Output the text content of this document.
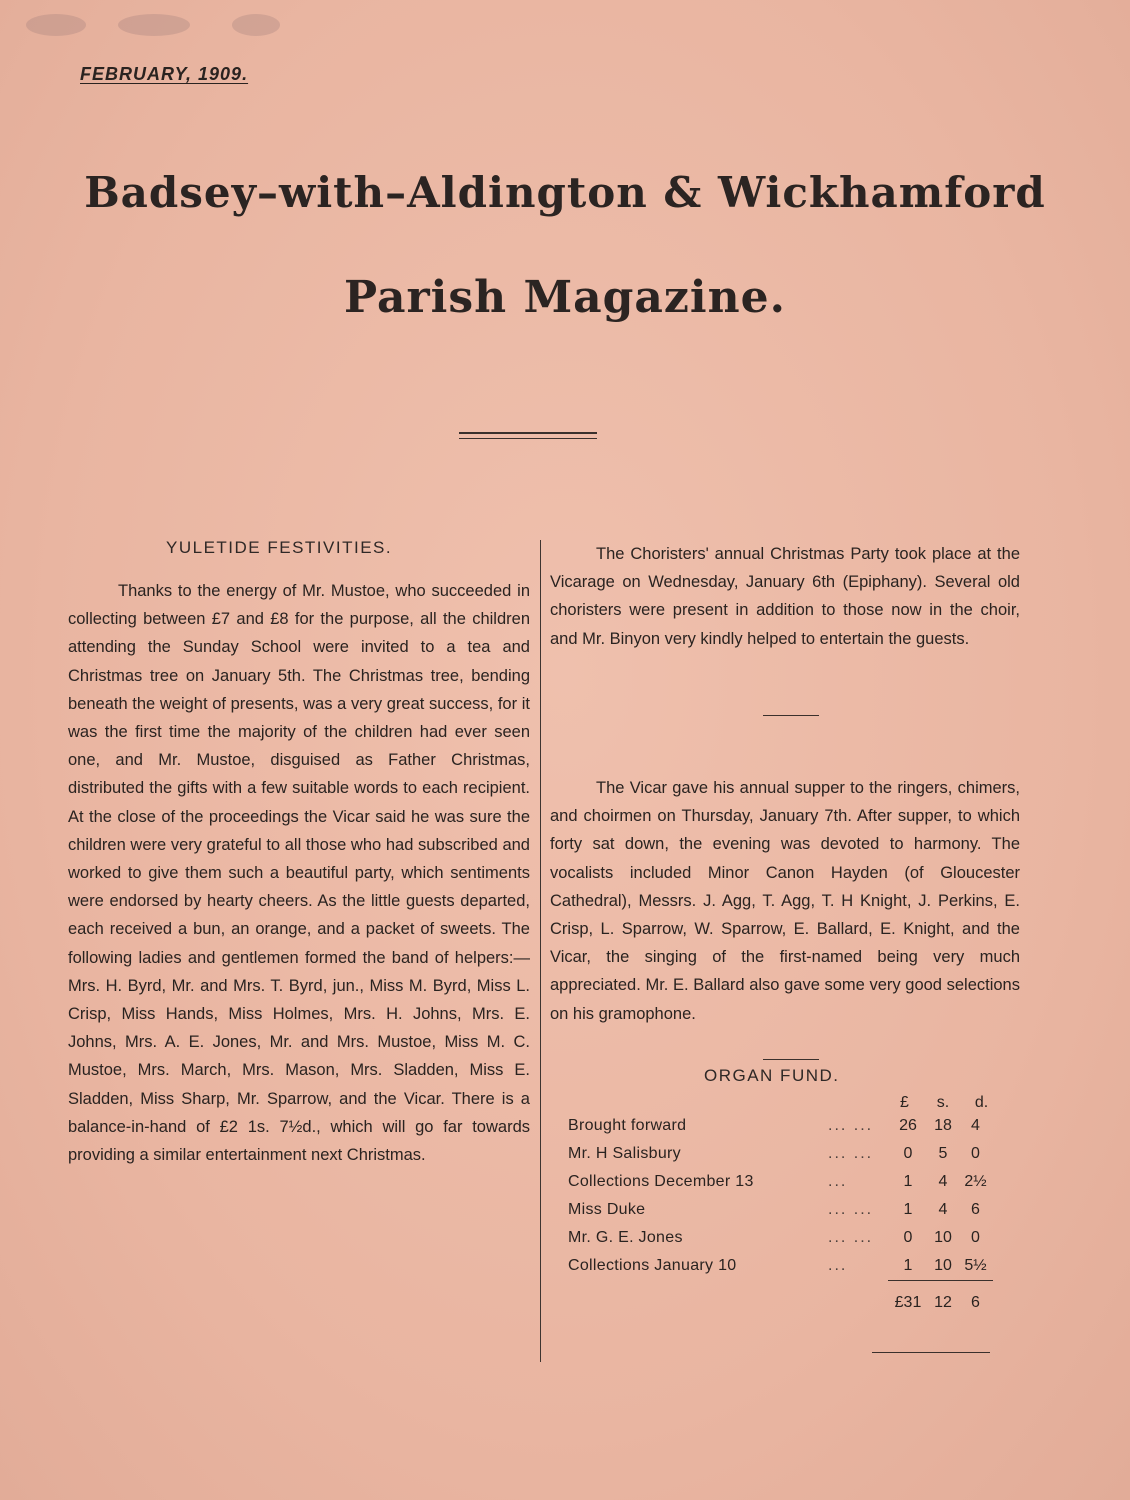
FEBRUARY, 1909.
Badsey–with–Aldington & Wickhamford
Parish Magazine.
YULETIDE FESTIVITIES.

Thanks to the energy of Mr. Mustoe, who succeeded in collecting between £7 and £8 for the purpose, all the children attending the Sunday School were invited to a tea and Christmas tree on January 5th. The Christmas tree, bending beneath the weight of presents, was a very great success, for it was the first time the majority of the children had ever seen one, and Mr. Mustoe, disguised as Father Christmas, distributed the gifts with a few suitable words to each recipient. At the close of the proceedings the Vicar said he was sure the children were very grateful to all those who had subscribed and worked to give them such a beautiful party, which sentiments were endorsed by hearty cheers. As the little guests departed, each received a bun, an orange, and a packet of sweets. The following ladies and gentlemen formed the band of helpers:—Mrs. H. Byrd, Mr. and Mrs. T. Byrd, jun., Miss M. Byrd, Miss L. Crisp, Miss Hands, Miss Holmes, Mrs. H. Johns, Mrs. E. Johns, Mrs. A. E. Jones, Mr. and Mrs. Mustoe, Miss M. C. Mustoe, Mrs. March, Mrs. Mason, Mrs. Sladden, Miss E. Sladden, Miss Sharp, Mr. Sparrow, and the Vicar. There is a balance-in-hand of £2 1s. 7½d., which will go far towards providing a similar entertainment next Christmas.

The Choristers' annual Christmas Party took place at the Vicarage on Wednesday, January 6th (Epiphany). Several old choristers were present in addition to those now in the choir, and Mr. Binyon very kindly helped to entertain the guests.

The Vicar gave his annual supper to the ringers, chimers, and choirmen on Thursday, January 7th. After supper, to which forty sat down, the evening was devoted to harmony. The vocalists included Minor Canon Hayden (of Gloucester Cathedral), Messrs. J. Agg, T. Agg, T. H Knight, J. Perkins, E. Crisp, L. Sparrow, W. Sparrow, E. Ballard, E. Knight, and the Vicar, the singing of the first-named being very much appreciated. Mr. E. Ballard also gave some very good selections on his gramophone.

ORGAN FUND.
£	s.	d.
Brought forward	... ...	26	18	4
Mr. H Salisbury	... ...	0	5	0
Collections December 13	...	1	4	2½
Miss Duke	... ...	1	4	6
Mr. G. E. Jones	... ...	0	10	0
Collections January 10	...	1	10	5½
		£31	12	6
